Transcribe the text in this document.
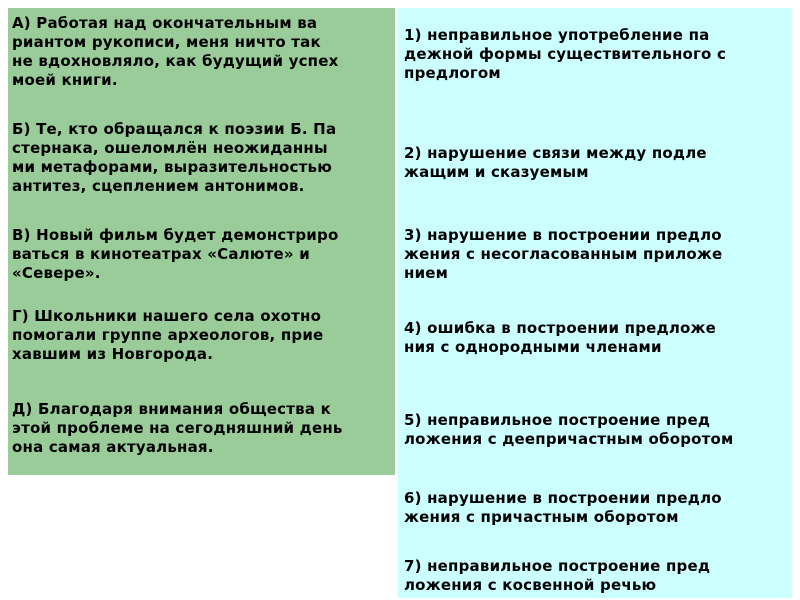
А) Работая над окончательным ва
риантом рукописи, меня ничто так
не вдохновляло, как будущий успех
моей книги.

Б) Те, кто обращался к поэзии Б. Па
стернака, ошеломлён неожиданны
ми метафорами, выразительностью
антитез, сцеплением антонимов.

В) Новый фильм будет демонстриро
ваться в кинотеатрах «Салюте» и
«Севере».

Г) Школьники нашего села охотно
помогали группе археологов, прие
хавшим из Новгорода.

Д) Благодаря внимания общества к
этой проблеме на сегодняшний день
она самая актуальная.

1) неправильное употребление па
дежной формы существительного с
предлогом

2) нарушение связи между подле
жащим и сказуемым

3) нарушение в построении предло
жения с несогласованным приложе
нием

4) ошибка в построении предложе
ния с однородными членами

5) неправильное построение пред
ложения с деепричастным оборотом

6) нарушение в построении предло
жения с причастным оборотом

7) неправильное построение пред
ложения с косвенной речью
